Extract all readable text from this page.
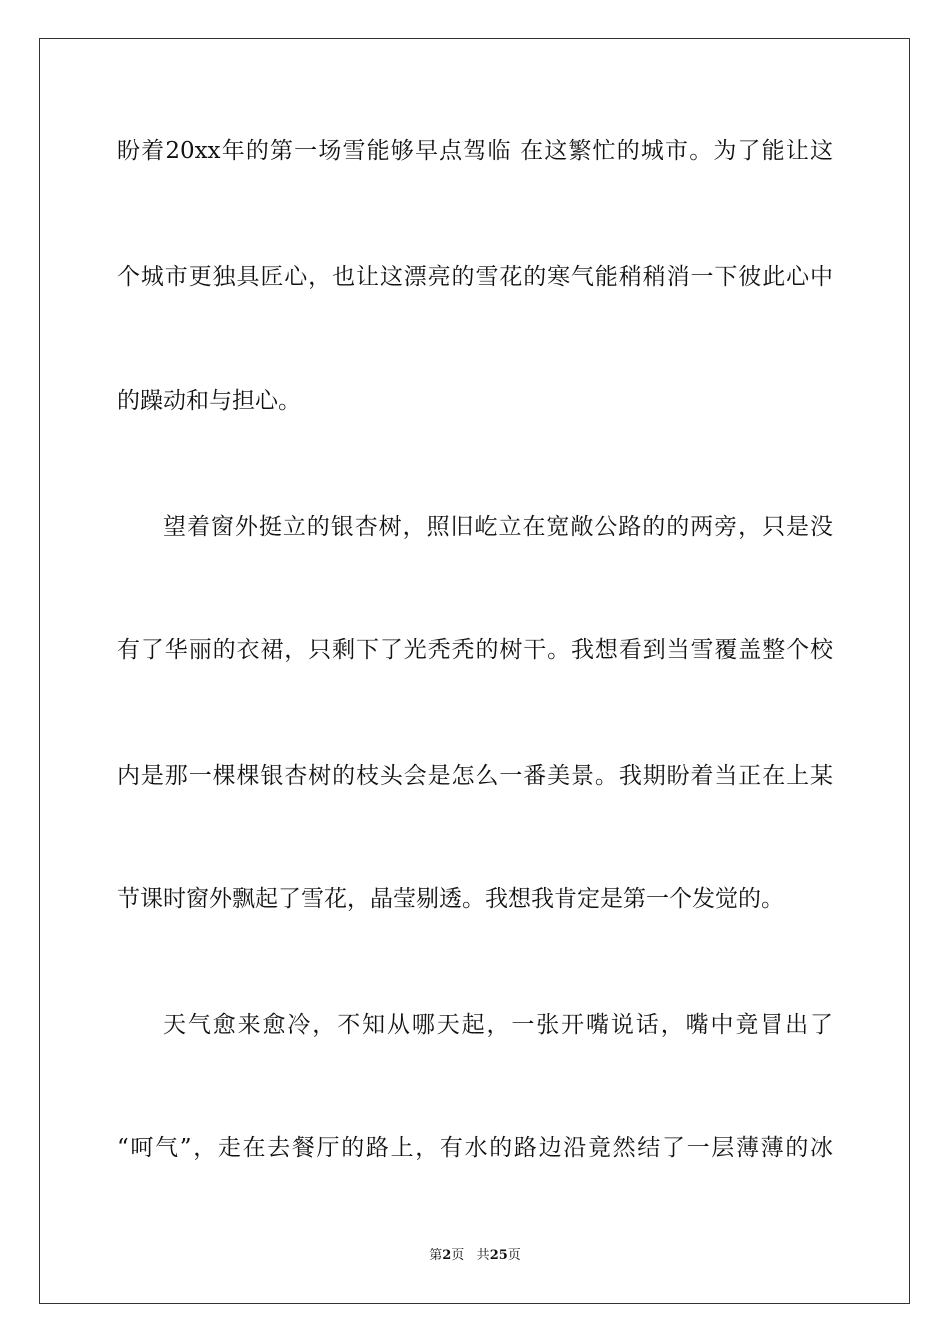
盼着20xx年的第一场雪能够早点驾临 在这繁忙的城市。为了能让这
个城市更独具匠心，也让这漂亮的雪花的寒气能稍稍消一下彼此心中
的躁动和与担心。
望着窗外挺立的银杏树，照旧屹立在宽敞公路的的两旁，只是没
有了华丽的衣裙，只剩下了光秃秃的树干。我想看到当雪覆盖整个校
内是那一棵棵银杏树的枝头会是怎么一番美景。我期盼着当正在上某
节课时窗外飘起了雪花，晶莹剔透。我想我肯定是第一个发觉的。
天气愈来愈冷，不知从哪天起，一张开嘴说话，嘴中竟冒出了
“呵气”，走在去餐厅的路上，有水的路边沿竟然结了一层薄薄的冰
第2页 共25页
